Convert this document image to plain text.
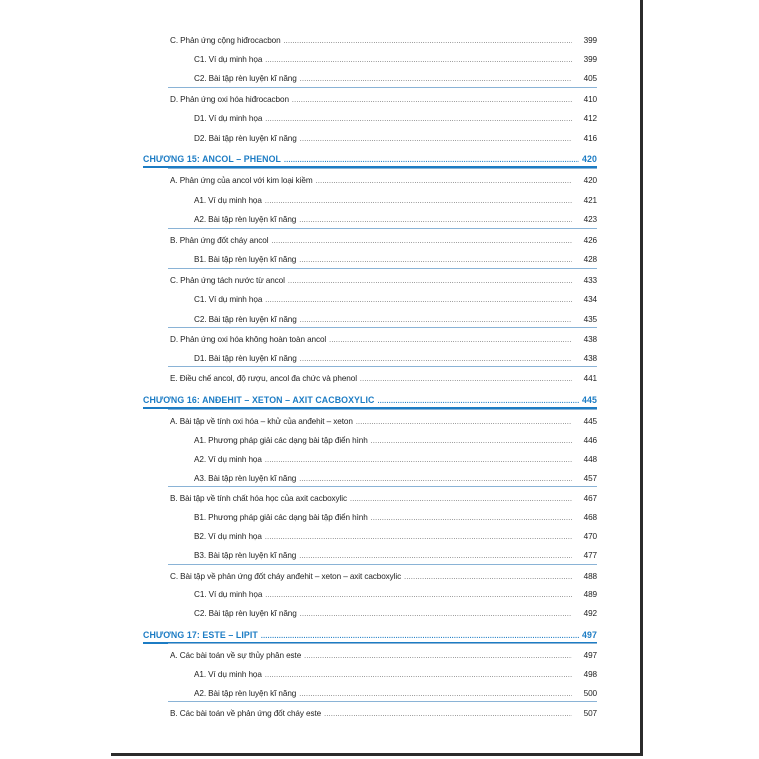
C. Phản ứng cộng hiđrocacbon .....	399
C1. Ví dụ minh họa .....	399
C2. Bài tập rèn luyện kĩ năng .....	405
D. Phản ứng oxi hóa hiđrocacbon .....	410
D1. Ví dụ minh họa .....	412
D2. Bài tập rèn luyện kĩ năng .....	416
CHƯƠNG 15: ANCOL – PHENOL .....	420
A. Phản ứng của ancol với kim loại kiềm .....	420
A1. Ví dụ minh họa .....	421
A2. Bài tập rèn luyện kĩ năng .....	423
B. Phản ứng đốt cháy ancol .....	426
B1. Bài tập rèn luyện kĩ năng .....	428
C. Phản ứng tách nước từ ancol .....	433
C1. Ví dụ minh họa .....	434
C2. Bài tập rèn luyện kĩ năng .....	435
D. Phản ứng oxi hóa không hoàn toàn ancol .....	438
D1. Bài tập rèn luyện kĩ năng .....	438
E. Điều chế ancol, độ rượu, ancol đa chức và phenol .....	441
CHƯƠNG 16: ANĐEHIT – XETON – AXIT CACBOXYLIC .....	445
A. Bài tập về tính oxi hóa – khử của anđehit – xeton .....	445
A1. Phương pháp giải các dạng bài tập điển hình .....	446
A2. Ví dụ minh họa .....	448
A3. Bài tập rèn luyện kĩ năng .....	457
B. Bài tập về tính chất hóa học của axit cacboxylic .....	467
B1. Phương pháp giải các dạng bài tập điển hình .....	468
B2. Ví dụ minh họa .....	470
B3. Bài tập rèn luyện kĩ năng .....	477
C. Bài tập về phản ứng đốt cháy anđehit – xeton – axit cacboxylic .....	488
C1. Ví dụ minh họa .....	489
C2. Bài tập rèn luyện kĩ năng .....	492
CHƯƠNG 17: ESTE – LIPIT .....	497
A. Các bài toán về sự thủy phân este .....	497
A1. Ví dụ minh họa .....	498
A2. Bài tập rèn luyện kĩ năng .....	500
B. Các bài toán về phản ứng đốt cháy este .....	507
